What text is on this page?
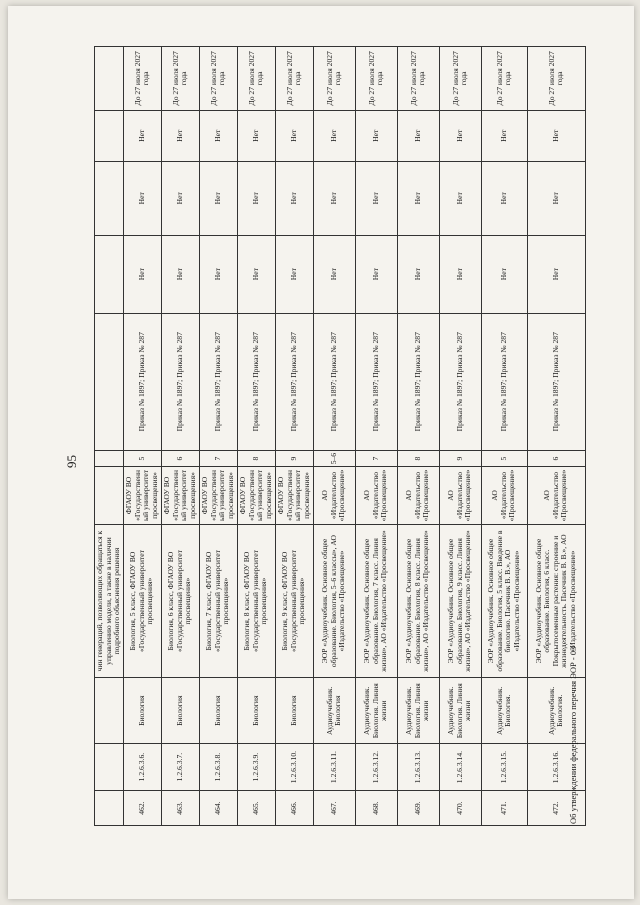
95
			чин генераций, позволяющих обращаться к управлению модели, а также в наличии подробного объяснения решения							
462.	1.2.6.3.6.	Биология	Биология, 5 класс, ФГАОУ ВО «Государственный университет просвещения»	ФГАОУ ВО «Государственный университет просвещения»	5	Приказ № 1897; Приказ № 287	Нет	Нет	Нет	До 27 июля 2027 года
463.	1.2.6.3.7.	Биология	Биология, 6 класс, ФГАОУ ВО «Государственный университет просвещения»	ФГАОУ ВО «Государственный университет просвещения»	6	Приказ № 1897; Приказ № 287	Нет	Нет	Нет	До 27 июля 2027 года
464.	1.2.6.3.8.	Биология	Биология, 7 класс, ФГАОУ ВО «Государственный университет просвещения»	ФГАОУ ВО «Государственный университет просвещения»	7	Приказ № 1897; Приказ № 287	Нет	Нет	Нет	До 27 июля 2027 года
465.	1.2.6.3.9.	Биология	Биология, 8 класс, ФГАОУ ВО «Государственный университет просвещения»	ФГАОУ ВО «Государственный университет просвещения»	8	Приказ № 1897; Приказ № 287	Нет	Нет	Нет	До 27 июля 2027 года
466.	1.2.6.3.10.	Биология	Биология, 9 класс, ФГАОУ ВО «Государственный университет просвещения»	ФГАОУ ВО «Государственный университет просвещения»	9	Приказ № 1897; Приказ № 287	Нет	Нет	Нет	До 27 июля 2027 года
467.	1.2.6.3.11.	Аудиоучебник. Биология	ЭОР «Аудиоучебник. Основное общее образование. Биология, 5–6 классы», АО «Издательство «Просвещение»	АО «Издательство «Просвещение»	5–6	Приказ № 1897; Приказ № 287	Нет	Нет	Нет	До 27 июля 2027 года
468.	1.2.6.3.12.	Аудиоучебник. Биология. Линия жизни	ЭОР «Аудиоучебник. Основное общее образование. Биология, 7 класс. Линия жизни», АО «Издательство «Просвещение»	АО «Издательство «Просвещение»	7	Приказ № 1897; Приказ № 287	Нет	Нет	Нет	До 27 июля 2027 года
469.	1.2.6.3.13.	Аудиоучебник. Биология. Линия жизни	ЭОР «Аудиоучебник. Основное общее образование. Биология, 8 класс. Линия жизни», АО «Издательство «Просвещение»	АО «Издательство «Просвещение»	8	Приказ № 1897; Приказ № 287	Нет	Нет	Нет	До 27 июля 2027 года
470.	1.2.6.3.14.	Аудиоучебник. Биология. Линия жизни	ЭОР «Аудиоучебник. Основное общее образование. Биология, 9 класс. Линия жизни», АО «Издательство «Просвещение»	АО «Издательство «Просвещение»	9	Приказ № 1897; Приказ № 287	Нет	Нет	Нет	До 27 июля 2027 года
471.	1.2.6.3.15.	Аудиоучебник. Биология.	ЭОР «Аудиоучебник. Основное общее образование. Биология, 5 класс. Введение в биологию. Пасечник В. В.», АО «Издательство «Просвещение»	АО «Издательство «Просвещение»	5	Приказ № 1897; Приказ № 287	Нет	Нет	Нет	До 27 июля 2027 года
472.	1.2.6.3.16.	Аудиоучебник. Биология.	ЭОР «Аудиоучебник. Основное общее образование. Биология, 6 класс. Покрытосеменные растения: строение и жизнедеятельность. Пасечник В. В.», АО «Издательство «Просвещение»	АО «Издательство «Просвещение»	6	Приказ № 1897; Приказ № 287	Нет	Нет	Нет	До 27 июля 2027 года
Об утверждении федерального перечня ЭОР - 03
